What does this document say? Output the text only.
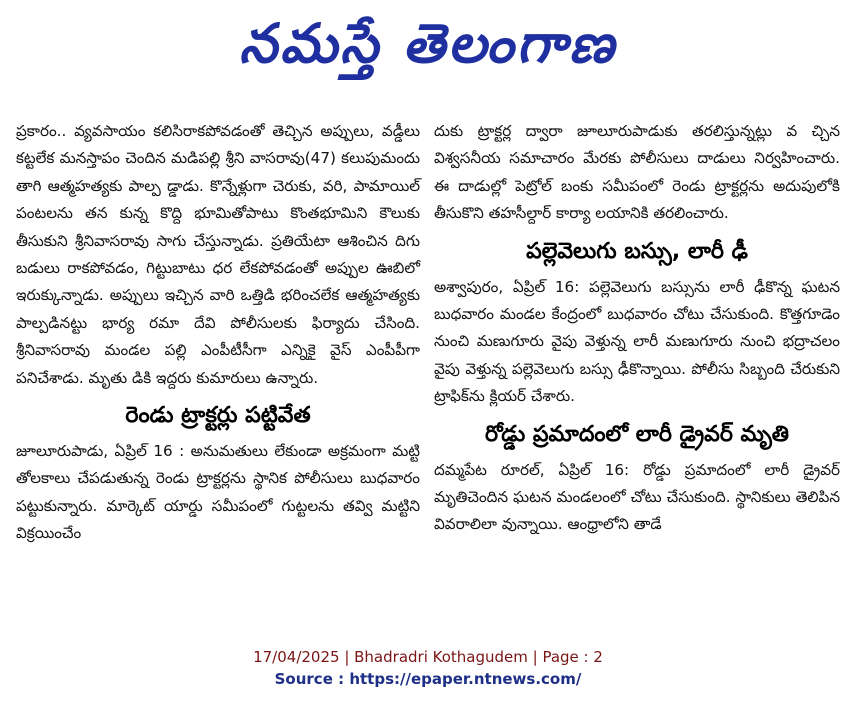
నమస్తే తెలంగాణ

ప్రకారం.. వ్యవసాయం కలిసిరాకపోవడంతో తెచ్చిన అప్పులు, వడ్డీలు కట్టలేక మనస్తాపం చెందిన మడిపల్లి శ్రీని వాసరావు(47) కలుపుమందు తాగి ఆత్మహత్యకు పాల్ప డ్డాడు. కొన్నేళ్లుగా చెరుకు, వరి, పామాయిల్ పంటలను తన కున్న కొద్ది భూమితోపాటు కొంతభూమిని కౌలుకు తీసుకుని శ్రీనివాసరావు సాగు చేస్తున్నాడు. ప్రతియేటా ఆశించిన దిగు బడులు రాకపోవడం, గిట్టుబాటు ధర లేకపోవడంతో అప్పుల ఊబిలో ఇరుక్కున్నాడు. అప్పులు ఇచ్చిన వారి ఒత్తిడి భరించలేక ఆత్మహత్యకు పాల్పడినట్టు భార్య రమా దేవి పోలీసులకు ఫిర్యాదు చేసింది. శ్రీనివాసరావు మండల పల్లి ఎంపీటీసీగా ఎన్నికై వైస్ ఎంపీపీగా పనిచేశాడు. మృతు డికి ఇద్దరు కుమారులు ఉన్నారు.

రెండు ట్రాక్టర్లు పట్టివేత

జూలూరుపాడు, ఏప్రిల్ 16 : అనుమతులు లేకుండా అక్రమంగా మట్టి తోలకాలు చేపడుతున్న రెండు ట్రాక్టర్లను స్థానిక పోలీసులు బుధవారం పట్టుకున్నారు. మార్కెట్ యార్డు సమీపంలో గుట్టలను తవ్వి మట్టిని విక్రయించేం

దుకు ట్రాక్టర్ల ద్వారా జూలూరుపాడుకు తరలిస్తున్నట్లు వ చ్చిన విశ్వసనీయ సమాచారం మేరకు పోలీసులు దాడులు నిర్వహించారు. ఈ దాడుల్లో పెట్రోల్ బంకు సమీపంలో రెండు ట్రాక్టర్లను అదుపులోకి తీసుకొని తహసీల్దార్ కార్యా లయానికి తరలించారు.

పల్లెవెలుగు బస్సు, లారీ ఢీ

అశ్వాపురం, ఏప్రిల్ 16: పల్లెవెలుగు బస్సును లారీ ఢీకొన్న ఘటన బుధవారం మండల కేంద్రంలో బుధవారం చోటు చేసుకుంది. కొత్తగూడెం నుంచి మణుగూరు వైపు వెళ్తున్న లారీ మణుగూరు నుంచి భద్రాచలం వైపు వెళ్తున్న పల్లెవెలుగు బస్సు ఢీకొన్నాయి. పోలీసు సిబ్బంది చేరుకుని ట్రాఫిక్‌ను క్లియర్ చేశారు.

రోడ్డు ప్రమాదంలో లారీ డ్రైవర్ మృతి

దమ్మపేట రూరల్, ఏప్రిల్ 16: రోడ్డు ప్రమాదంలో లారీ డ్రైవర్ మృతిచెందిన ఘటన మండలంలో చోటు చేసుకుంది. స్థానికులు తెలిపిన వివరాలిలా వున్నాయి. ఆంధ్రాలోని తాడే

17/04/2025 | Bhadradri Kothagudem | Page : 2
Source : https://epaper.ntnews.com/
